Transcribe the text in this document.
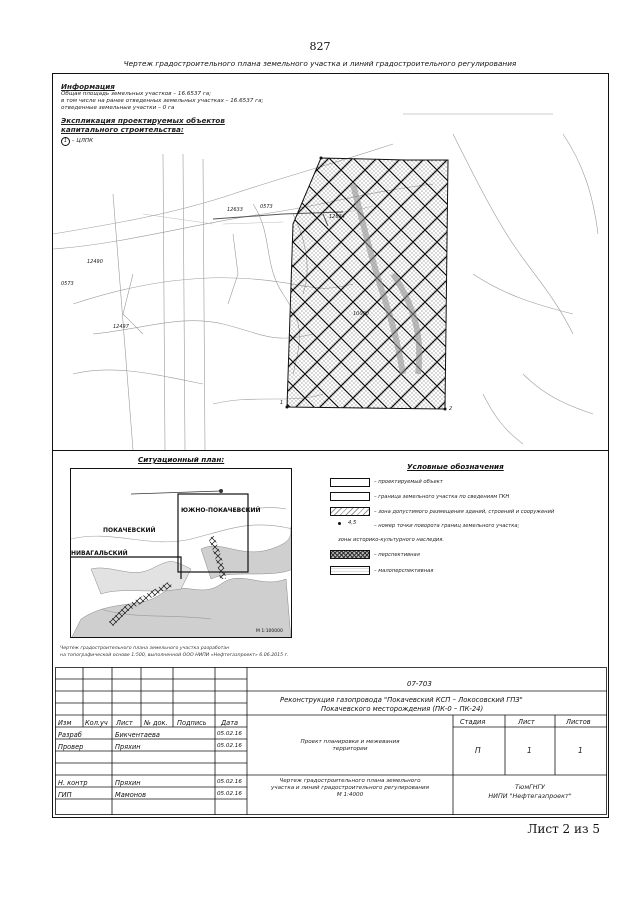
827
Чертеж градостроительного плана земельного участка и линий градостроительного регулирования
0573
12633
12634
12490
0573
12497
10000
1
2
Информация
Общая площадь земельных участков – 16.6537 га;
в том числе на ранее отведенных земельных участках – 16.6537 га;
отведенные земельные участки – 0 га
Экспликация проектируемых объектов
капитального строительства:
1 – ЦЛПК
Ситуационный план:
ЮЖНО-ПОКАЧЕВСКИЙ
ПОКАЧЕВСКИЙ
НИВАГАЛЬСКИЙ
М 1:100000
Условные обозначения
– проектируемый объект
– граница земельного участка по сведениям ГКН
– зона допустимого размещения зданий, строений и сооружений
4,5	– номер точки поворота границ земельного участка;
зоны историко-культурного наследия.
– перспективная
– малоперспективная
Чертеж градостроительного плана земельного участка разработан
на топографической основе 1:500, выполненной ООО НИПИ «Нефтегазпроект» 6.06.2015 г.
07-703
Реконструкция газопровода "Покачевский КСП – Локосовский ГПЗ"
Покачевского месторождения (ПК-0 – ПК-24)
Изм Кол.уч Лист № док. Подпись Дата
Разраб	Бикчентаева	05.02.16
Провер	Пряхин	05.02.16
Н. контр	Пряхин	05.02.16
ГИП	Мамонов	05.02.16
Проект планировки и межевания
территории
Чертеж градостроительного плана земельного
участка и линий градостроительного регулирования
М 1:4000
Стадия	Лист	Листов
П	1	1
ТюмГНГУ
НИПИ "Нефтегазпроект"
Лист 2 из 5
